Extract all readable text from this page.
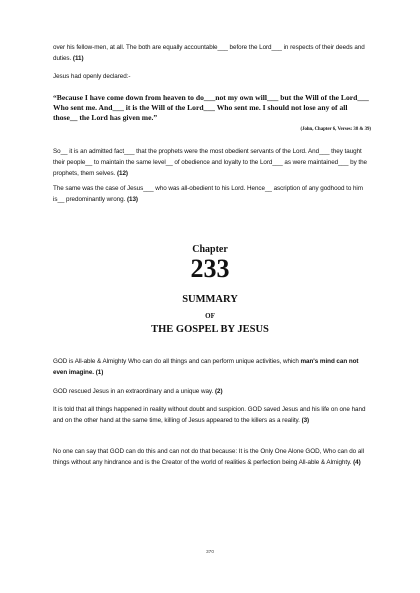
over his fellow-men, at all. The both are equally accountable___ before the Lord___ in respects of their deeds and duties. (11)
Jesus had openly declared:-
“Because I have come down from heaven to do___not my own will___ but the Will of the Lord___ Who sent me. And___ it is the Will of the Lord___ Who sent me. I should not lose any of all those__ the Lord has given me.”
(John, Chapter 6, Verses: 38 & 39)
So__ it is an admitted fact___ that the prophets were the most obedient servants of the Lord. And___ they taught their people__ to maintain the same level__ of obedience and loyalty to the Lord___ as were maintained___ by the prophets, them selves. (12)
The same was the case of Jesus___ who was all-obedient to his Lord. Hence__ ascription of any godhood to him is__ predominantly wrong. (13)
Chapter
233
SUMMARY
OF
THE GOSPEL BY JESUS
GOD is All-able & Almighty Who can do all things and can perform unique activities, which man's mind can not even imagine. (1)
GOD rescued Jesus in an extraordinary and a unique way. (2)
It is told that all things happened in reality without doubt and suspicion. GOD saved Jesus and his life on one hand and on the other hand at the same time, killing of Jesus appeared to the killers as a reality. (3)
No one can say that GOD can do this and can not do that because: It is the Only One Alone GOD, Who can do all things without any hindrance and is the Creator of the world of realities & perfection being All-able & Almighty. (4)
370
